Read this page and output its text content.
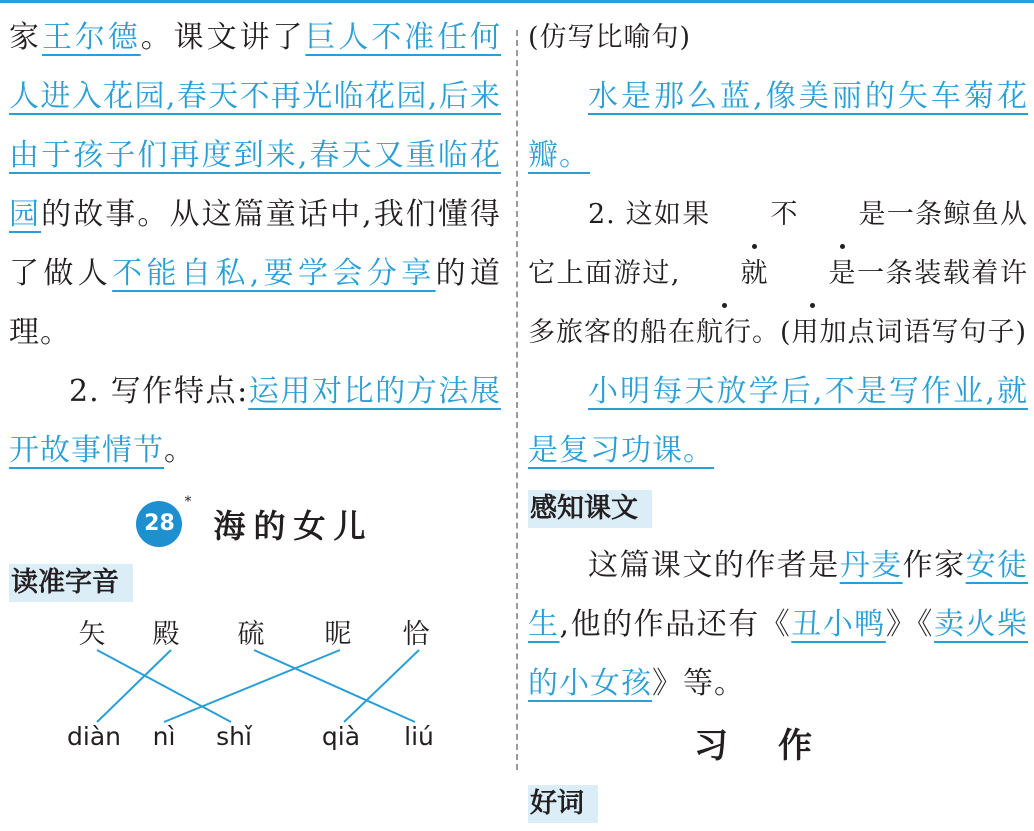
家王尔德。课文讲了巨人不准任何人进入花园,春天不再光临花园,后来由于孩子们再度到来,春天又重临花园的故事。从这篇童话中,我们懂得了做人不能自私,要学会分享的道理。
2. 写作特点:运用对比的方法展开故事情节。
28*海的女儿
读准字音
矢	殿	硫	昵	恰
diàn	nì	shǐ	qià	liú
(仿写比喻句)
水是那么蓝,像美丽的矢车菊花瓣。
2. 这如果 不 是一条鲸鱼从它上面游过, 就 是一条装载着许多旅客的船在航行。(用加点词语写句子)
小明每天放学后,不是写作业,就是复习功课。
感知课文
这篇课文的作者是丹麦作家安徒生,他的作品还有《丑小鸭》《卖火柴的小女孩》等。
习作
好词
